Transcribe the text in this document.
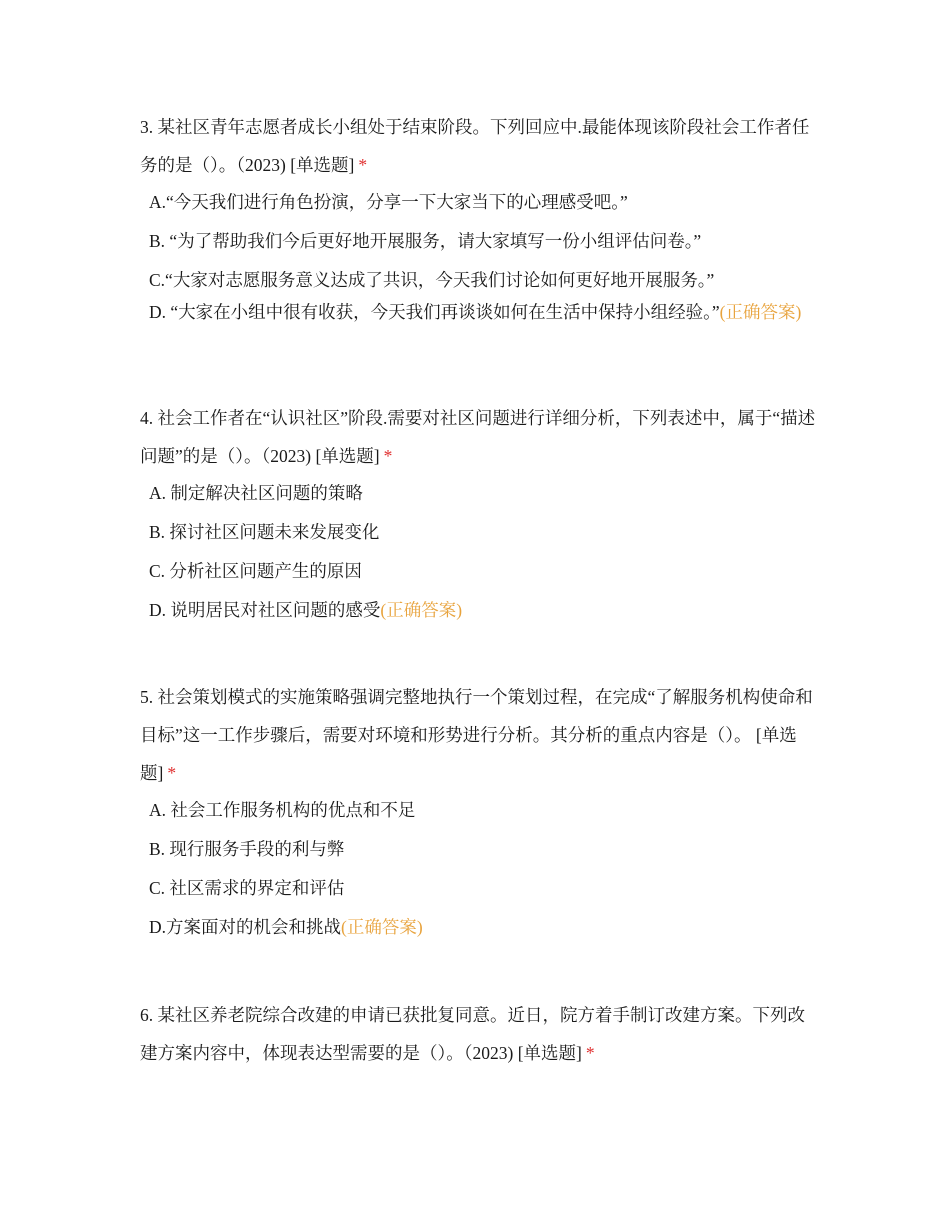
3. 某社区青年志愿者成长小组处于结束阶段。下列回应中.最能体现该阶段社会工作者任务的是（）。（2023) [单选题] *

A.“今天我们进行角色扮演，分享一下大家当下的心理感受吧。”

B. “为了帮助我们今后更好地开展服务，请大家填写一份小组评估问卷。”

C.“大家对志愿服务意义达成了共识，今天我们讨论如何更好地开展服务。”

D. “大家在小组中很有收获，今天我们再谈谈如何在生活中保持小组经验。”(正确答案)

4. 社会工作者在“认识社区”阶段.需要对社区问题进行详细分析，下列表述中，属于“描述问题”的是（）。（2023) [单选题] *

A. 制定解决社区问题的策略

B. 探讨社区问题未来发展变化

C. 分析社区问题产生的原因

D. 说明居民对社区问题的感受(正确答案)

5. 社会策划模式的实施策略强调完整地执行一个策划过程，在完成“了解服务机构使命和目标”这一工作步骤后，需要对环境和形势进行分析。其分析的重点内容是（）。 [单选题] *

A. 社会工作服务机构的优点和不足

B. 现行服务手段的利与弊

C. 社区需求的界定和评估

D.方案面对的机会和挑战(正确答案)

6. 某社区养老院综合改建的申请已获批复同意。近日，院方着手制订改建方案。下列改建方案内容中，体现表达型需要的是（）。（2023) [单选题] *
